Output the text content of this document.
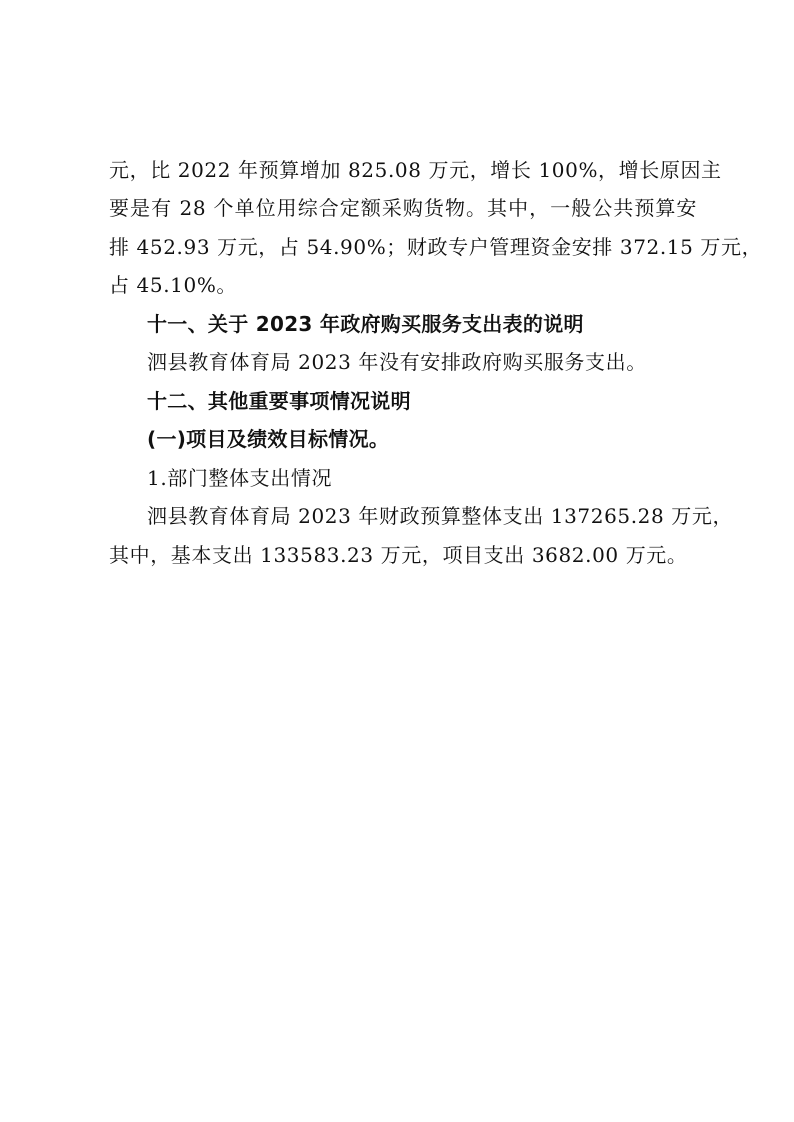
元，比 2022 年预算增加 825.08 万元，增长 100%，增长原因主
要是有 28 个单位用综合定额采购货物。其中，一般公共预算安
排 452.93 万元，占 54.90%；财政专户管理资金安排 372.15 万元，
占 45.10%。
十一、关于 2023 年政府购买服务支出表的说明
泗县教育体育局 2023 年没有安排政府购买服务支出。
十二、其他重要事项情况说明
(一)项目及绩效目标情况。
1.部门整体支出情况
泗县教育体育局 2023 年财政预算整体支出 137265.28 万元，
其中，基本支出 133583.23 万元，项目支出 3682.00 万元。
